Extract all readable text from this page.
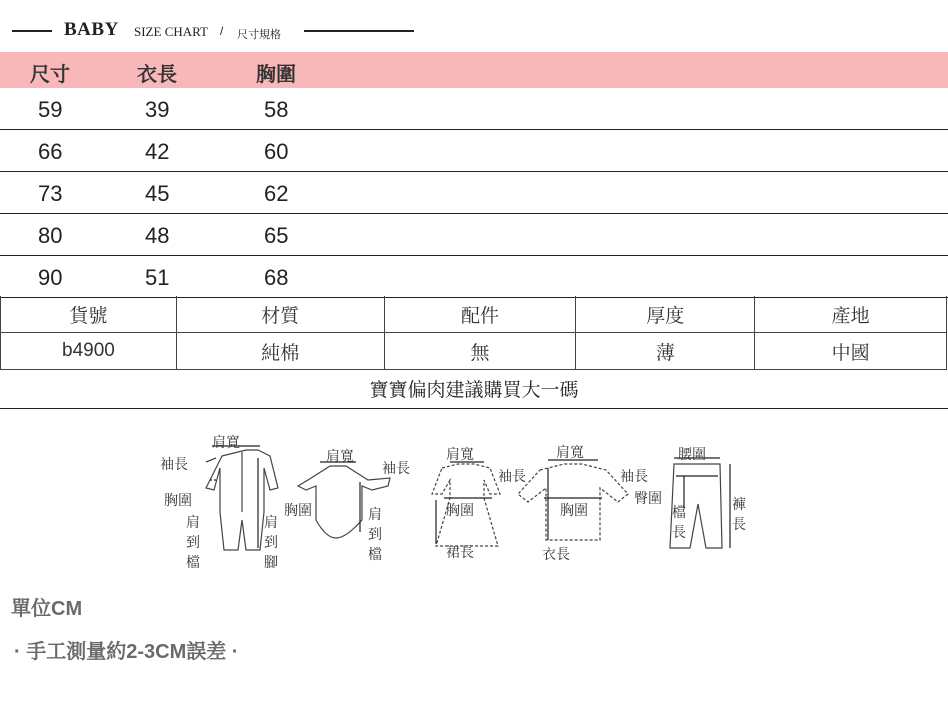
BABY SIZE CHART / 尺寸規格
尺寸	衣長	胸圍
59	39	58
66	42	60
73	45	62
80	48	65
90	51	68
貨號	材質	配件	厚度	產地
b4900	純棉	無	薄	中國
寶寶偏肉建議購買大一碼
肩寬
袖長
胸圍
肩
到
檔
肩
到
腳
肩寬
袖長
胸圍	肩
到
檔
肩寬
袖長
胸圍
裙長
肩寬
袖長
胸圍
衣長
腰圍
臀圍
檔
長
褲
長
單位CM
· 手工測量約2-3CM誤差 ·
